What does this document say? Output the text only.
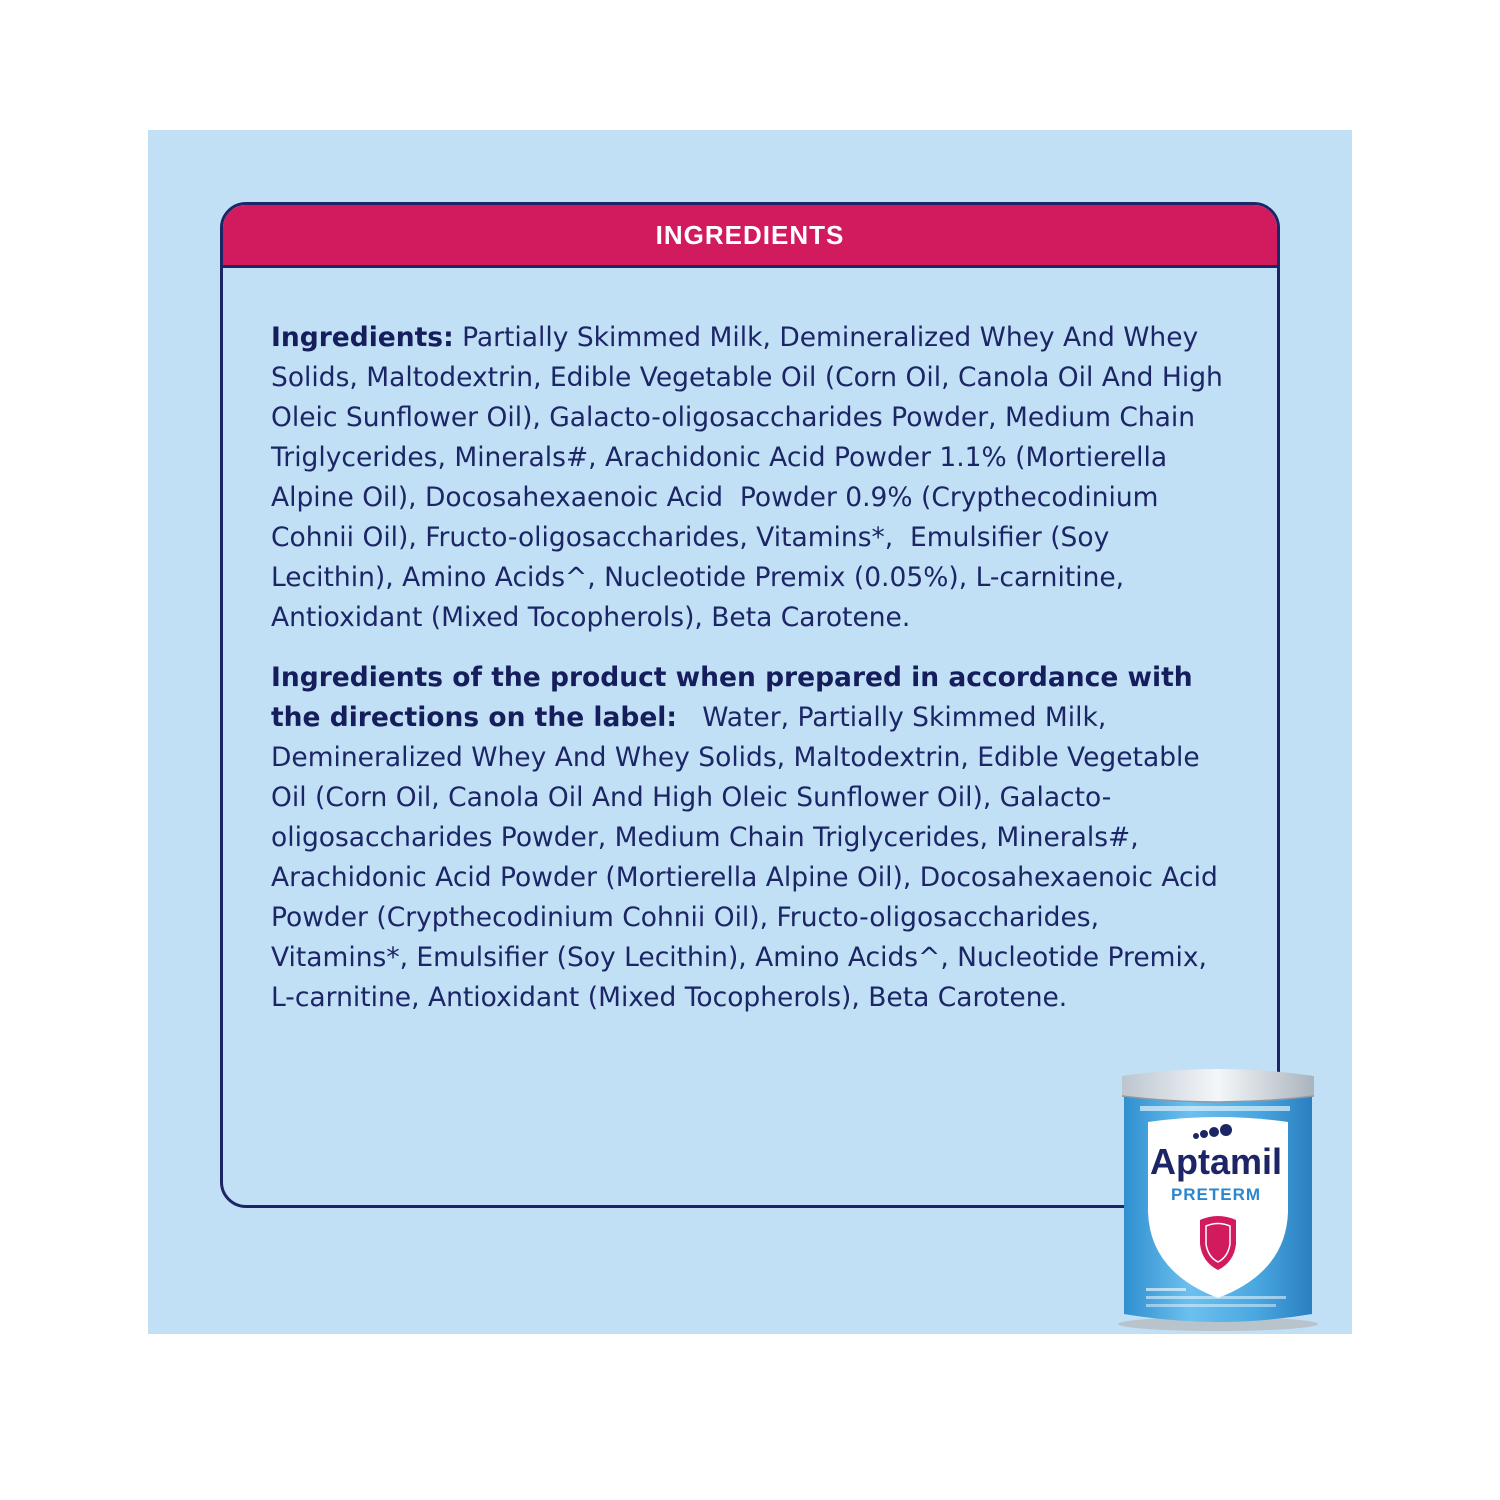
INGREDIENTS

Ingredients: Partially Skimmed Milk, Demineralized Whey And Whey Solids, Maltodextrin, Edible Vegetable Oil (Corn Oil, Canola Oil And High Oleic Sunflower Oil), Galacto-oligosaccharides Powder, Medium Chain Triglycerides, Minerals#, Arachidonic Acid Powder 1.1% (Mortierella Alpine Oil), Docosahexaenoic Acid  Powder 0.9% (Crypthecodinium Cohnii Oil), Fructo-oligosaccharides, Vitamins*,  Emulsifier (Soy Lecithin), Amino Acids^, Nucleotide Premix (0.05%), L-carnitine, Antioxidant (Mixed Tocopherols), Beta Carotene.

Ingredients of the product when prepared in accordance with the directions on the label:   Water, Partially Skimmed Milk, Demineralized Whey And Whey Solids, Maltodextrin, Edible Vegetable Oil (Corn Oil, Canola Oil And High Oleic Sunflower Oil), Galacto-oligosaccharides Powder, Medium Chain Triglycerides, Minerals#, Arachidonic Acid Powder (Mortierella Alpine Oil), Docosahexaenoic Acid Powder (Crypthecodinium Cohnii Oil), Fructo-oligosaccharides, Vitamins*, Emulsifier (Soy Lecithin), Amino Acids^, Nucleotide Premix, L-carnitine, Antioxidant (Mixed Tocopherols), Beta Carotene.

Aptamil
PRETERM
